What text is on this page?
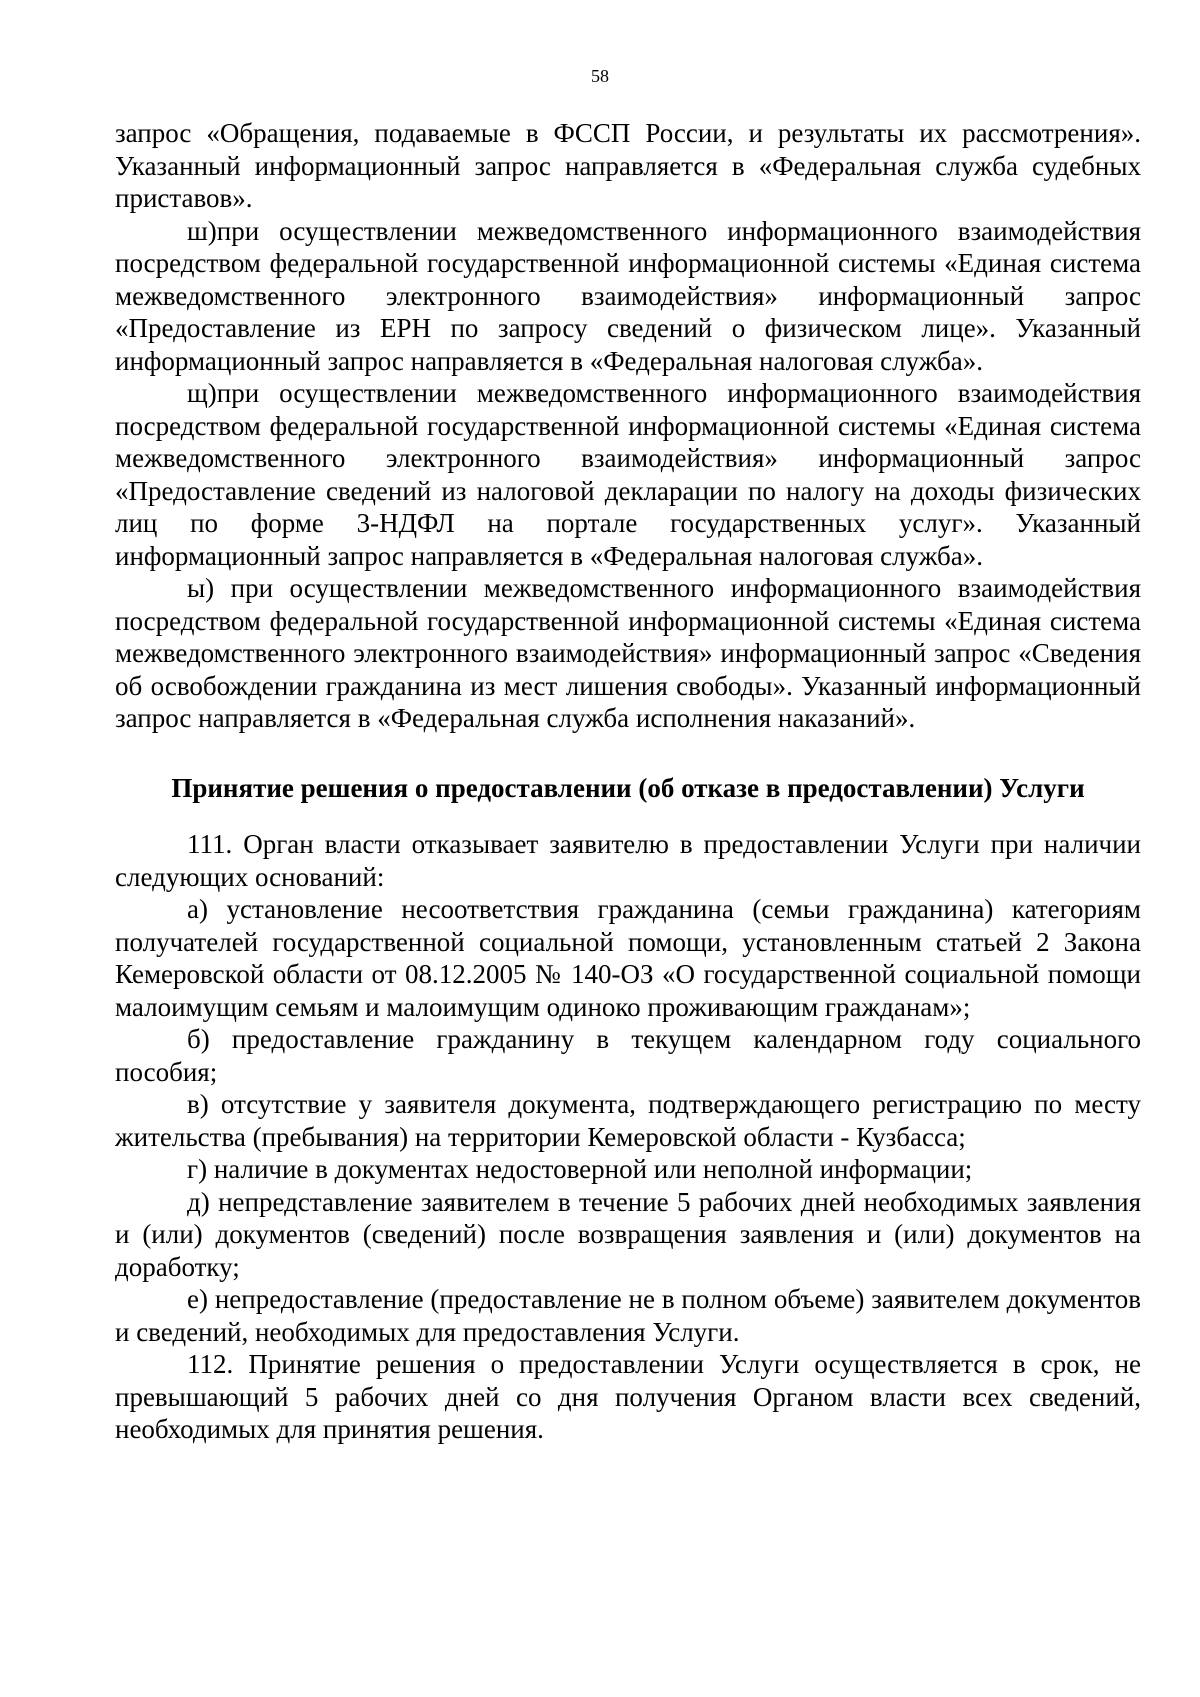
58

запрос «Обращения, подаваемые в ФССП России, и результаты их рассмотрения». Указанный информационный запрос направляется в «Федеральная служба судебных приставов».

ш)при осуществлении межведомственного информационного взаимодействия посредством федеральной государственной информационной системы «Единая система межведомственного электронного взаимодействия» информационный запрос «Предоставление из ЕРН по запросу сведений о физическом лице». Указанный информационный запрос направляется в «Федеральная налоговая служба».

щ)при осуществлении межведомственного информационного взаимодействия посредством федеральной государственной информационной системы «Единая система межведомственного электронного взаимодействия» информационный запрос «Предоставление сведений из налоговой декларации по налогу на доходы физических лиц по форме 3-НДФЛ на портале государственных услуг». Указанный информационный запрос направляется в «Федеральная налоговая служба».

ы) при осуществлении межведомственного информационного взаимодействия посредством федеральной государственной информационной системы «Единая система межведомственного электронного взаимодействия» информационный запрос «Сведения об освобождении гражданина из мест лишения свободы». Указанный информационный запрос направляется в «Федеральная служба исполнения наказаний».

Принятие решения о предоставлении (об отказе в предоставлении) Услуги

111. Орган власти отказывает заявителю в предоставлении Услуги при наличии следующих оснований:

а) установление несоответствия гражданина (семьи гражданина) категориям получателей государственной социальной помощи, установленным статьей 2 Закона Кемеровской области от 08.12.2005 № 140-ОЗ «О государственной социальной помощи малоимущим семьям и малоимущим одиноко проживающим гражданам»;

б) предоставление гражданину в текущем календарном году социального пособия;

в) отсутствие у заявителя документа, подтверждающего регистрацию по месту жительства (пребывания) на территории Кемеровской области - Кузбасса;

г) наличие в документах недостоверной или неполной информации;

д) непредставление заявителем в течение 5 рабочих дней необходимых заявления и (или) документов (сведений) после возвращения заявления и (или) документов на доработку;

е) непредоставление (предоставление не в полном объеме) заявителем документов и сведений, необходимых для предоставления Услуги.

112. Принятие решения о предоставлении Услуги осуществляется в срок, не превышающий 5 рабочих дней со дня получения Органом власти всех сведений, необходимых для принятия решения.
